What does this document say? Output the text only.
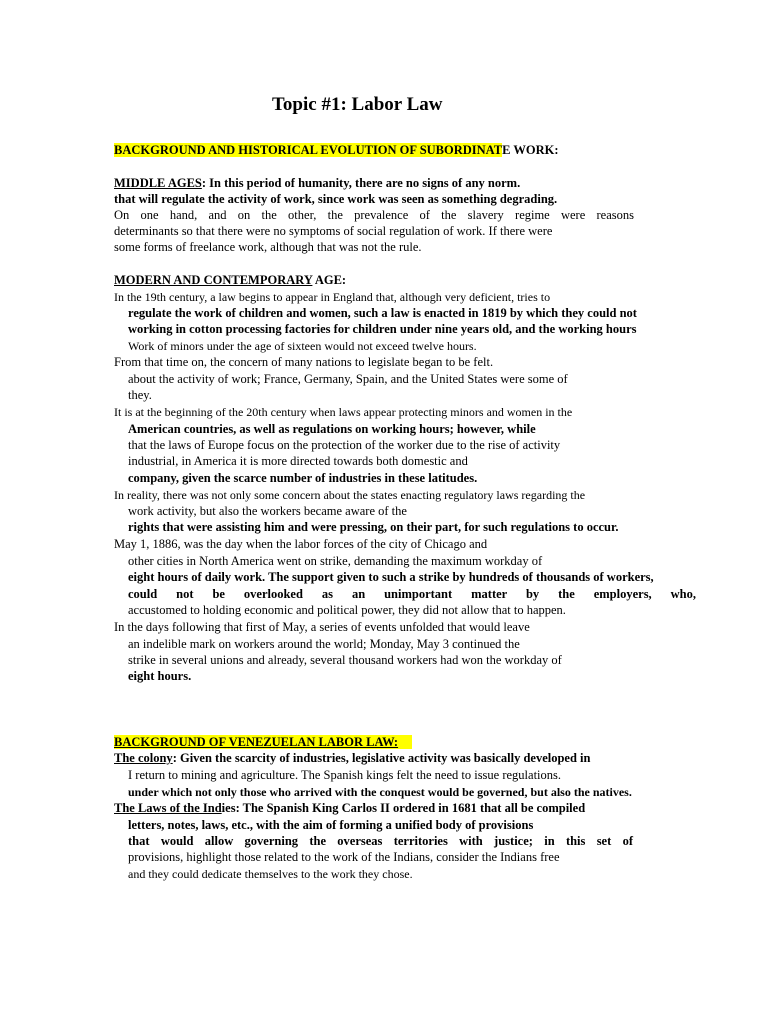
Topic #1: Labor Law
BACKGROUND AND HISTORICAL EVOLUTION OF SUBORDINATE WORK:
MIDDLE AGES: In this period of humanity, there are no signs of any norm.
that will regulate the activity of work, since work was seen as something degrading.
On one hand, and on the other, the prevalence of the slavery regime were reasons
determinants so that there were no symptoms of social regulation of work. If there were
some forms of freelance work, although that was not the rule.
MODERN AND CONTEMPORARY AGE:
In the 19th century, a law begins to appear in England that, although very deficient, tries to
regulate the work of children and women, such a law is enacted in 1819 by which they could not
working in cotton processing factories for children under nine years old, and the working hours
Work of minors under the age of sixteen would not exceed twelve hours.
From that time on, the concern of many nations to legislate began to be felt.
about the activity of work; France, Germany, Spain, and the United States were some of
they.
It is at the beginning of the 20th century when laws appear protecting minors and women in the
American countries, as well as regulations on working hours; however, while
that the laws of Europe focus on the protection of the worker due to the rise of activity
industrial, in America it is more directed towards both domestic and
company, given the scarce number of industries in these latitudes.
In reality, there was not only some concern about the states enacting regulatory laws regarding the
work activity, but also the workers became aware of the
rights that were assisting him and were pressing, on their part, for such regulations to occur.
May 1, 1886, was the day when the labor forces of the city of Chicago and
other cities in North America went on strike, demanding the maximum workday of
eight hours of daily work. The support given to such a strike by hundreds of thousands of workers,
could not be overlooked as an unimportant matter by the employers, who,
accustomed to holding economic and political power, they did not allow that to happen.
In the days following that first of May, a series of events unfolded that would leave
an indelible mark on workers around the world; Monday, May 3 continued the
strike in several unions and already, several thousand workers had won the workday of
eight hours.
BACKGROUND OF VENEZUELAN LABOR LAW:
The colony: Given the scarcity of industries, legislative activity was basically developed in
I return to mining and agriculture. The Spanish kings felt the need to issue regulations.
under which not only those who arrived with the conquest would be governed, but also the natives.
The Laws of the Indies: The Spanish King Carlos II ordered in 1681 that all be compiled
letters, notes, laws, etc., with the aim of forming a unified body of provisions
that would allow governing the overseas territories with justice; in this set of
provisions, highlight those related to the work of the Indians, consider the Indians free
and they could dedicate themselves to the work they chose.
